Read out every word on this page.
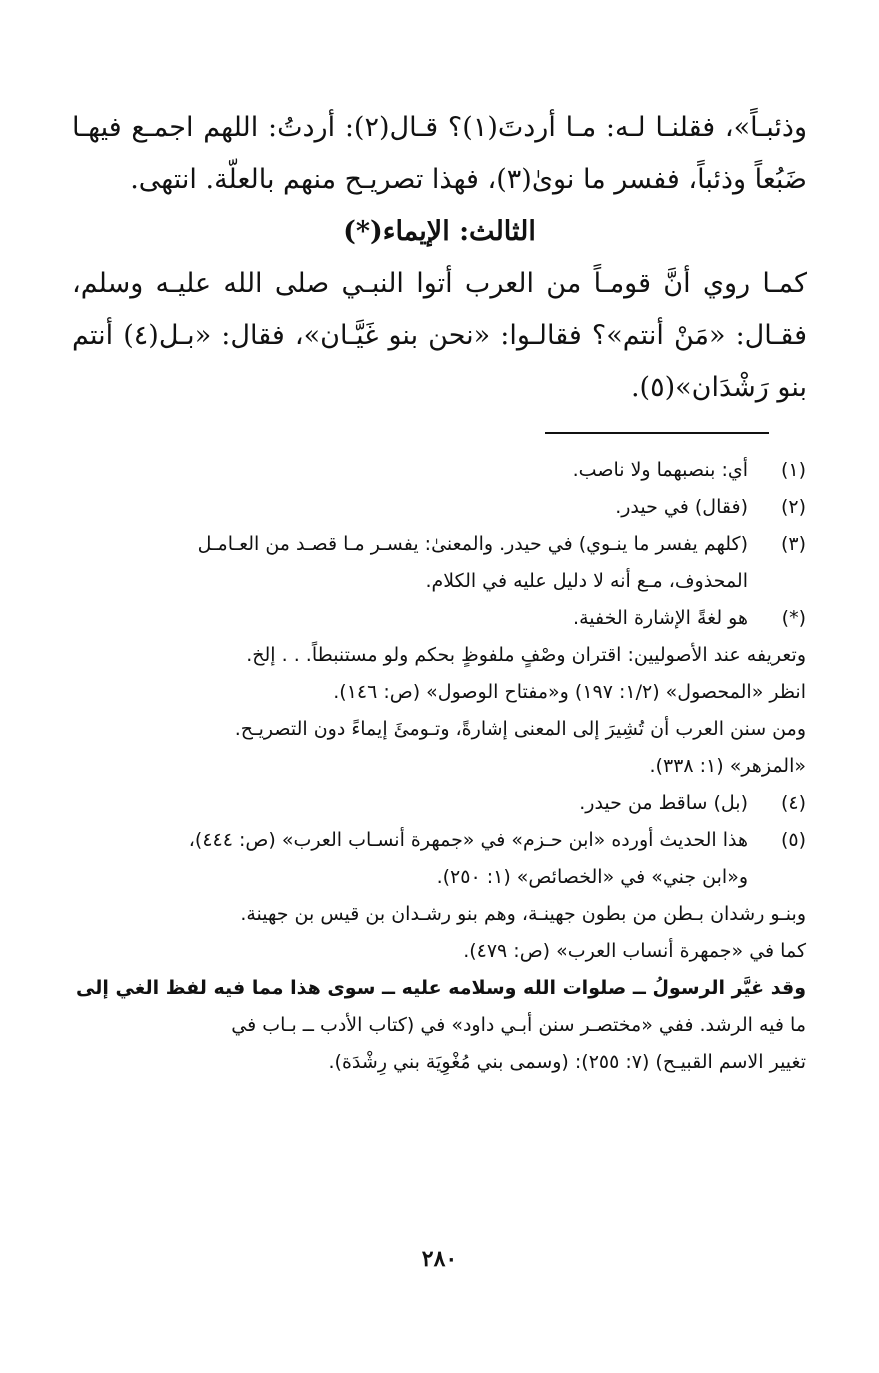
وذئبـاً»، فقلنـا لـه: مـا أردتَ(١)؟ قـال(٢): أردتُ: اللهم اجمـع فيهـا ضَبُعاً وذئباً، ففسر ما نوىٰ(٣)، فهذا تصريـح منهم بالعلّة. انتهى.

الثالث: الإيماء(*)

كمـا روي أنَّ قومـاً من العرب أتوا النبـي صلى الله عليـه وسلم، فقـال: «مَنْ أنتم»؟ فقالـوا: «نحن بنو غَيَّـان»، فقال: «بـل(٤) أنتم بنو رَشْدَان»(٥).

(١)
أي: بنصبهما ولا ناصب.
(٢)
(فقال) في حيدر.
(٣)
(كلهم يفسر ما ينـوي) في حيدر. والمعنىٰ: يفسـر مـا قصـد من العـامـل
المحذوف، مـع أنه لا دليل عليه في الكلام.
(*)
هو لغةً الإشارة الخفية.
وتعريفه عند الأصوليين: اقتران وصْفٍ ملفوظٍ بحكم ولو مستنبطاً. . . إلخ.
انظر «المحصول» (١/٢: ١٩٧) و«مفتاح الوصول» (ص: ١٤٦).
ومن سنن العرب أن تُشِيرَ إلى المعنى إشارةً، وتـومئَ إيماءً دون التصريـح.
«المزهر» (١: ٣٣٨).
(٤)
(بل) ساقط من حيدر.
(٥)
هذا الحديث أورده «ابن حـزم» في «جمهرة أنسـاب العرب» (ص: ٤٤٤)،
و«ابن جني» في «الخصائص» (١: ٢٥٠).
وبنـو رشدان بـطن من بطون جهينـة، وهم بنو رشـدان بن قيس بن جهينة.
كما في «جمهرة أنساب العرب» (ص: ٤٧٩).
وقد غيَّر الرسولُ ــ صلوات الله وسلامه عليه ــ سوى هذا مما فيه لفظ الغي إلى
ما فيه الرشد. ففي «مختصـر سنن أبـي داود» في (كتاب الأدب ــ بـاب في
تغيير الاسم القبيـح) (٧: ٢٥٥): (وسمى بني مُغْوِيَة بني رِشْدَة).
٢٨٠
